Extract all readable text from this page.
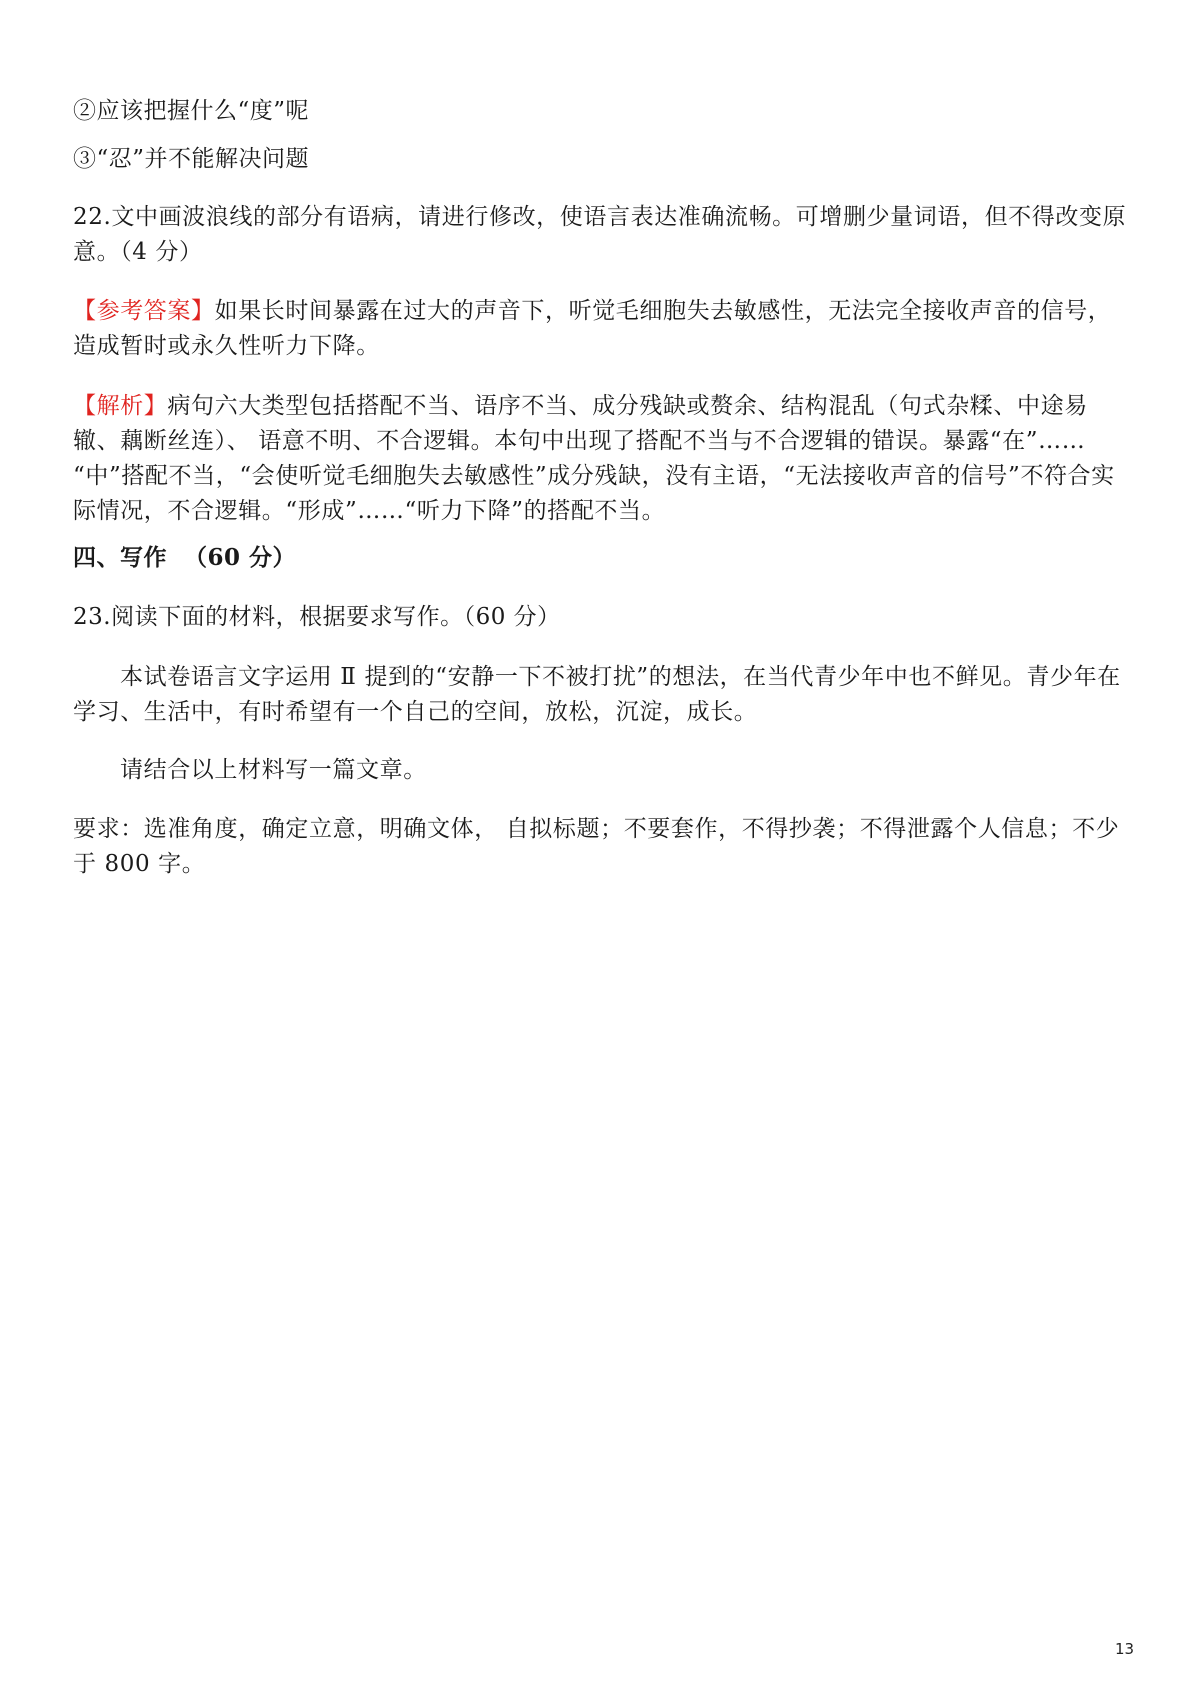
②应该把握什么“度”呢
③“忍”并不能解决问题
22.文中画波浪线的部分有语病，请进行修改，使语言表达准确流畅。可增删少量词语，但不得改变原意。（4 分）
【参考答案】如果长时间暴露在过大的声音下，听觉毛细胞失去敏感性，无法完全接收声音的信号，造成暂时或永久性听力下降。
【解析】病句六大类型包括搭配不当、语序不当、成分残缺或赘余、结构混乱（句式杂糅、中途易辙、藕断丝连）、 语意不明、不合逻辑。本句中出现了搭配不当与不合逻辑的错误。暴露“在”…… “中”搭配不当，“会使听觉毛细胞失去敏感性”成分残缺，没有主语，“无法接收声音的信号”不符合实际情况，不合逻辑。“形成”……“听力下降”的搭配不当。
四、写作  （60 分）
23.阅读下面的材料，根据要求写作。（60 分）
本试卷语言文字运用 Ⅱ 提到的“安静一下不被打扰”的想法，在当代青少年中也不鲜见。青少年在学习、生活中，有时希望有一个自己的空间，放松，沉淀，成长。
请结合以上材料写一篇文章。
要求：选准角度，确定立意，明确文体， 自拟标题；不要套作，不得抄袭；不得泄露个人信息；不少于 800 字。
13
